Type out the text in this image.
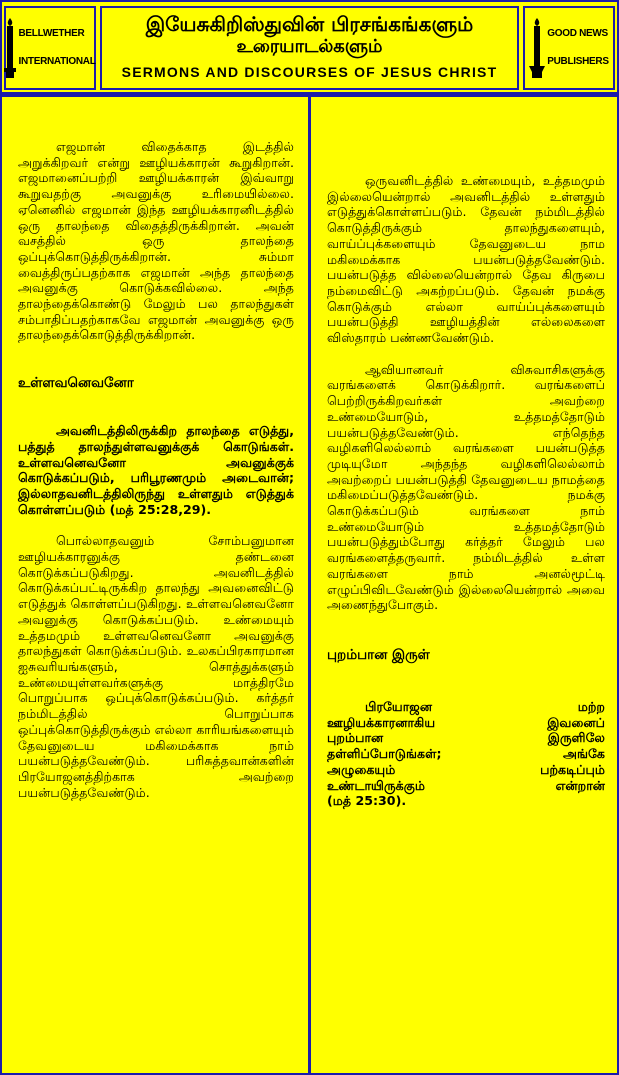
BELLWETHER
INTERNATIONAL
இயேசுகிறிஸ்துவின் பிரசங்கங்களும்
உரையாடல்களும்
SERMONS AND DISCOURSES OF JESUS CHRIST
GOOD NEWS
PUBLISHERS

எஜமான் விதைக்காத இடத்தில் அறுக்கிறவர் என்று ஊழியக்காரன் கூறுகிறான். எஜமானைப்பற்றி ஊழியக்காரன் இவ்வாறு கூறுவதற்கு அவனுக்கு உரிமையில்லை. ஏனெனில் எஜமான் இந்த ஊழியக்காரனிடத்தில் ஒரு தாலந்தை விதைத்திருக்கிறான். அவன் வசத்தில் ஒரு தாலந்தை ஒப்புக்கொடுத்திருக்கிறான். சும்மா வைத்திருப்பதற்காக எஜமான் அந்த தாலந்தை அவனுக்கு கொடுக்கவில்லை. அந்த தாலந்தைக்கொண்டு மேலும் பல தாலந்துகள் சம்பாதிப்பதற்காகவே எஜமான் அவனுக்கு ஒரு தாலந்தைக்கொடுத்திருக்கிறான்.

உள்ளவனெவனோ

அவனிடத்திலிருக்கிற தாலந்தை எடுத்து, பத்துத் தாலந்துள்ளவனுக்குக் கொடுங்கள். உள்ளவனெவனோ அவனுக்குக் கொடுக்கப்படும், பரிபூரணமும் அடைவான்; இல்லாதவனிடத்திலிருந்து உள்ளதும் எடுத்துக் கொள்ளப்படும் (மத் 25:28,29).

பொல்லாதவனும் சோம்பனுமான ஊழியக்காரனுக்கு தண்டனை கொடுக்கப்படுகிறது. அவனிடத்தில் கொடுக்கப்பட்டிருக்கிற தாலந்து அவனைவிட்டு எடுத்துக் கொள்ளப்படுகிறது. உள்ளவனெவனோ அவனுக்கு கொடுக்கப்படும். உண்மையும் உத்தமமும் உள்ளவனெவனோ அவனுக்கு தாலந்துகள் கொடுக்கப்படும். உலகப்பிரகாரமான ஐசுவரியங்களும், சொத்துக்களும் உண்மையுள்ளவர்களுக்கு மாத்திரமே பொறுப்பாக ஒப்புக்கொடுக்கப்படும். கர்த்தர் நம்மிடத்தில் பொறுப்பாக ஒப்புக்கொடுத்திருக்கும் எல்லா காரியங்களையும் தேவனுடைய மகிமைக்காக நாம் பயன்படுத்தவேண்டும். பரிசுத்தவான்களின் பிரயோஜனத்திற்காக அவற்றை பயன்படுத்தவேண்டும்.

ஒருவனிடத்தில் உண்மையும், உத்தமமும் இல்லையென்றால் அவனிடத்தில் உள்ளதும் எடுத்துக்கொள்ளப்படும். தேவன் நம்மிடத்தில் கொடுத்திருக்கும் தாலந்துகளையும், வாய்ப்புக்களையும் தேவனுடைய நாம மகிமைக்காக பயன்படுத்தவேண்டும். பயன்படுத்த வில்லையென்றால் தேவ கிருபை நம்மைவிட்டு அகற்றப்படும். தேவன் நமக்கு கொடுக்கும் எல்லா வாய்ப்புக்களையும் பயன்படுத்தி ஊழியத்தின் எல்லைகளை விஸ்தாரம் பண்ணவேண்டும்.

ஆவியானவர் விசுவாசிகளுக்கு வரங்களைக் கொடுக்கிறார். வரங்களைப் பெற்றிருக்கிறவர்கள் அவற்றை உண்மையோடும், உத்தமத்தோடும் பயன்படுத்தவேண்டும். எந்தெந்த வழிகளிலெல்லாம் வரங்களை பயன்படுத்த முடியுமோ அந்தந்த வழிகளிலெல்லாம் அவற்றைப் பயன்படுத்தி தேவனுடைய நாமத்தை மகிமைப்படுத்தவேண்டும். நமக்கு கொடுக்கப்படும் வரங்களை நாம் உண்மையோடும் உத்தமத்தோடும் பயன்படுத்தும்போது கர்த்தர் மேலும் பல வரங்களைத்தருவார். நம்மிடத்தில் உள்ள வரங்களை நாம் அனல்மூட்டி எழுப்பிவிடவேண்டும் இல்லையென்றால் அவை அணைந்துபோகும்.

புறம்பான இருள்

பிரயோஜன	மற்ற
ஊழியக்காரனாகிய	இவனைப்
புறம்பான	இருளிலே
தள்ளிப்போடுங்கள்;	அங்கே
அழுகையும்	பற்கடிப்பும்
உண்டாயிருக்கும்	என்றான்
(மத் 25:30).
